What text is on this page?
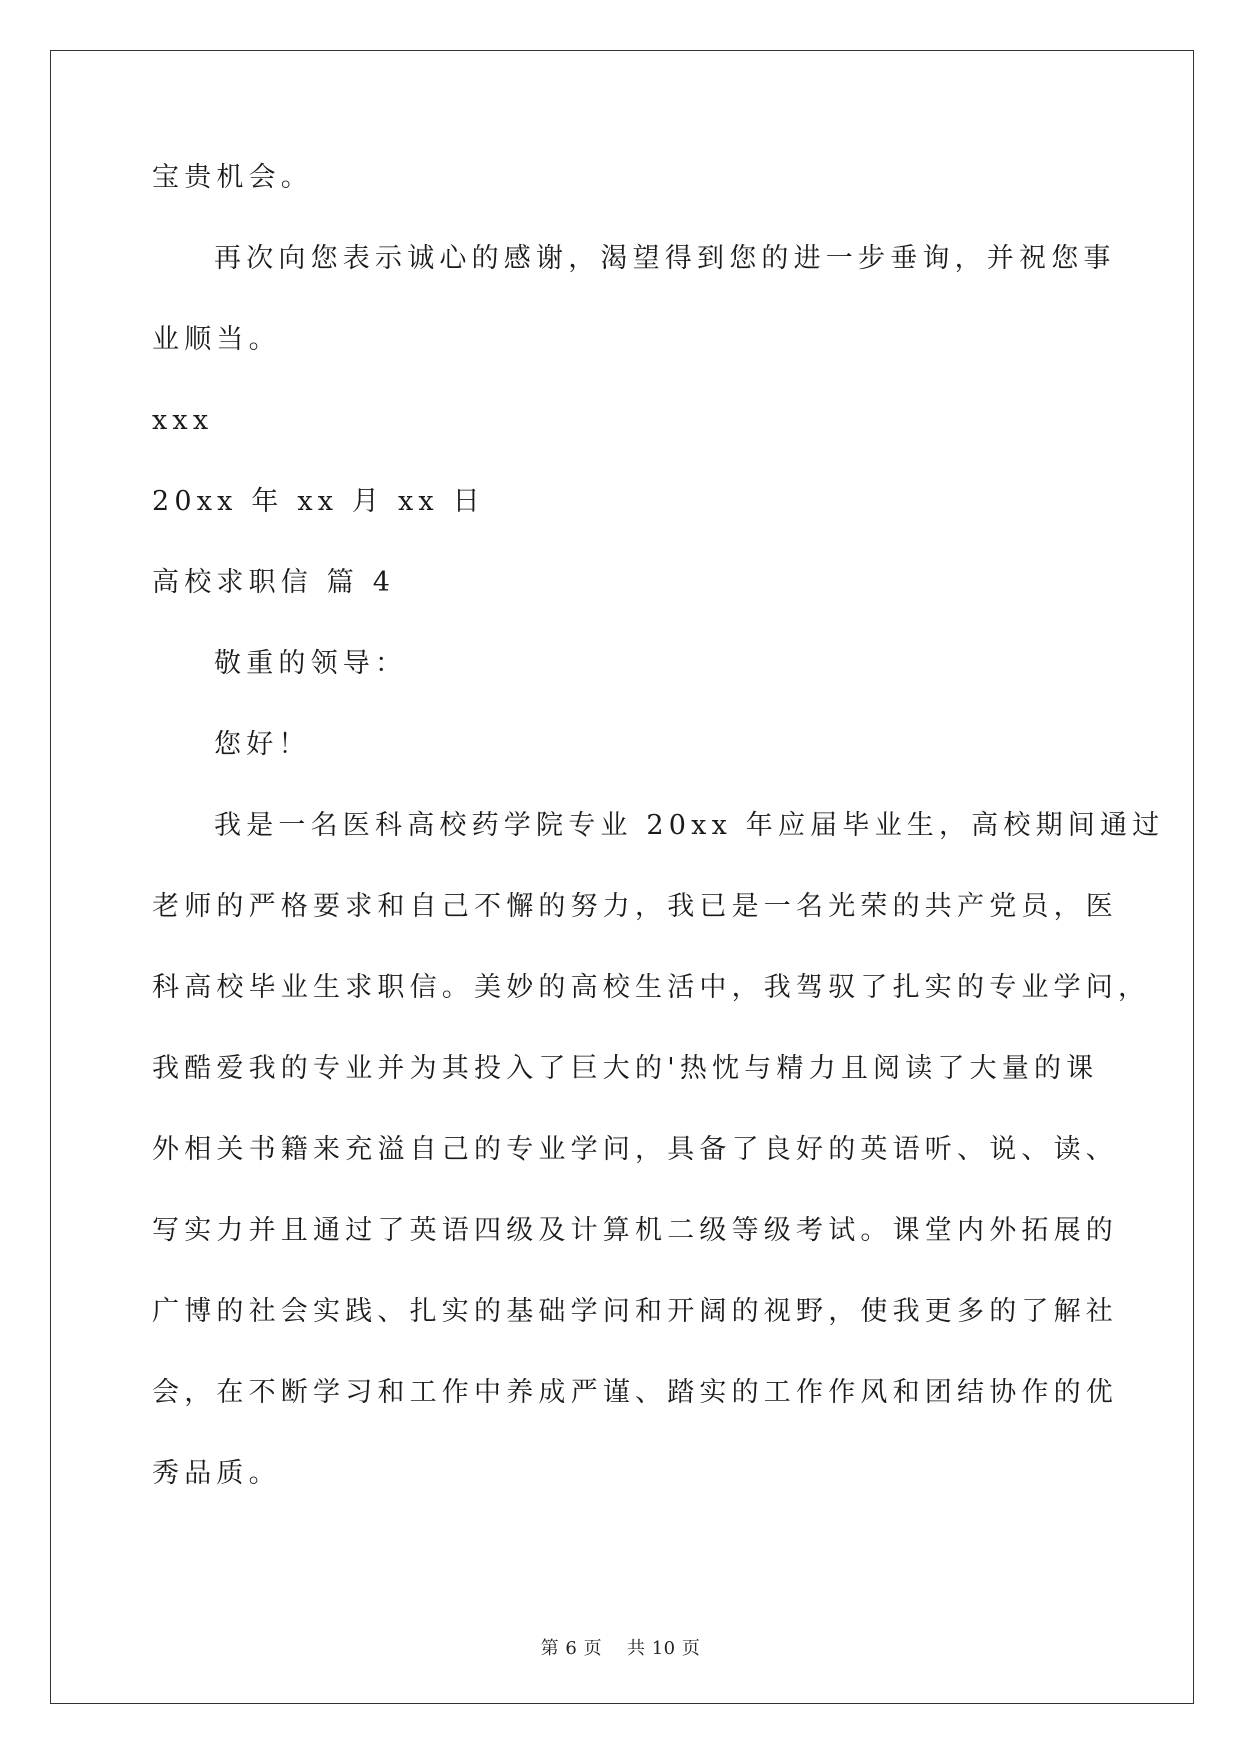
宝贵机会。
再次向您表示诚心的感谢，渴望得到您的进一步垂询，并祝您事
业顺当。
xxx
20xx 年 xx 月 xx 日
高校求职信 篇 4
敬重的领导：
您好！
我是一名医科高校药学院专业 20xx 年应届毕业生，高校期间通过
老师的严格要求和自己不懈的努力，我已是一名光荣的共产党员，医
科高校毕业生求职信。美妙的高校生活中，我驾驭了扎实的专业学问，
我酷爱我的专业并为其投入了巨大的'热忱与精力且阅读了大量的课
外相关书籍来充溢自己的专业学问，具备了良好的英语听、说、读、
写实力并且通过了英语四级及计算机二级等级考试。课堂内外拓展的
广博的社会实践、扎实的基础学问和开阔的视野，使我更多的了解社
会，在不断学习和工作中养成严谨、踏实的工作作风和团结协作的优
秀品质。
第 6 页 共 10 页
